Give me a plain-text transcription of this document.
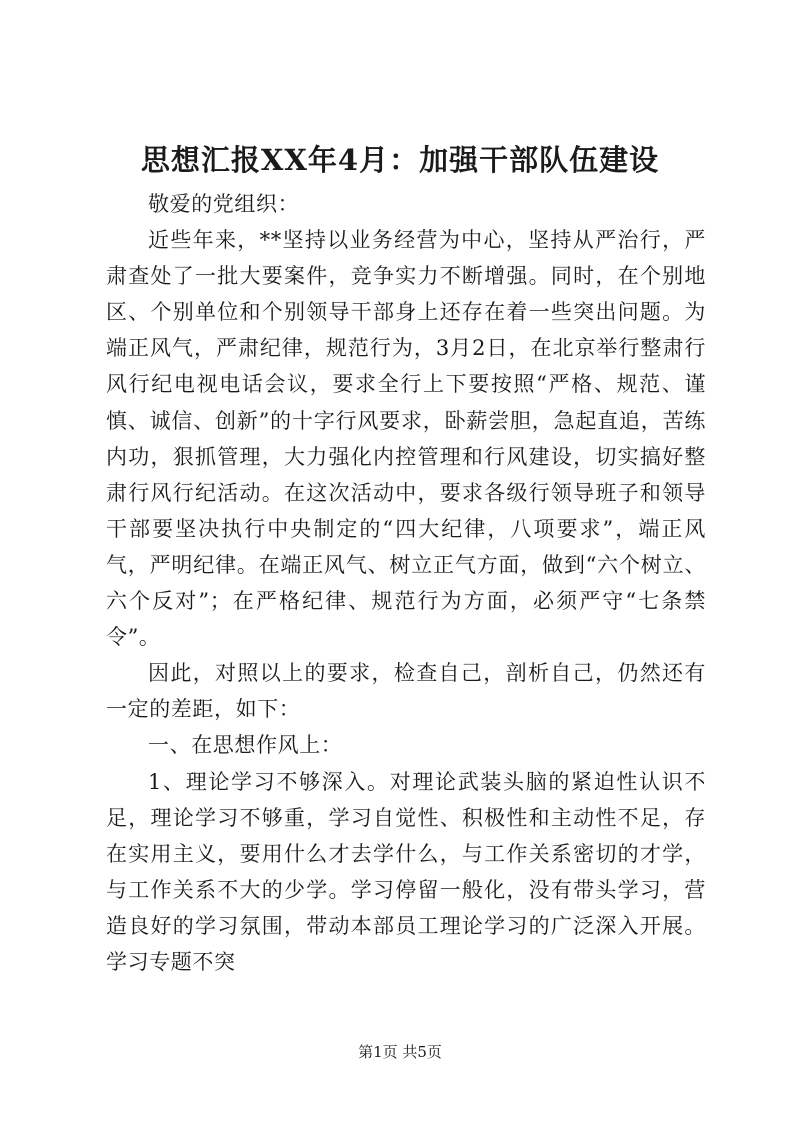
思想汇报XX年4月：加强干部队伍建设

敬爱的党组织：

近些年来，**坚持以业务经营为中心，坚持从严治行，严肃查处了一批大要案件，竞争实力不断增强。同时，在个别地区、个别单位和个别领导干部身上还存在着一些突出问题。为端正风气，严肃纪律，规范行为，3月2日，在北京举行整肃行风行纪电视电话会议，要求全行上下要按照“严格、规范、谨慎、诚信、创新”的十字行风要求，卧薪尝胆，急起直追，苦练内功，狠抓管理，大力强化内控管理和行风建设，切实搞好整肃行风行纪活动。在这次活动中，要求各级行领导班子和领导干部要坚决执行中央制定的“四大纪律，八项要求”，端正风气，严明纪律。在端正风气、树立正气方面，做到“六个树立、六个反对”；在严格纪律、规范行为方面，必须严守“七条禁令”。

因此，对照以上的要求，检查自己，剖析自己，仍然还有一定的差距，如下：

一、在思想作风上：

1、理论学习不够深入。对理论武装头脑的紧迫性认识不足，理论学习不够重，学习自觉性、积极性和主动性不足，存在实用主义，要用什么才去学什么，与工作关系密切的才学，与工作关系不大的少学。学习停留一般化，没有带头学习，营造良好的学习氛围，带动本部员工理论学习的广泛深入开展。学习专题不突

第1页 共5页
